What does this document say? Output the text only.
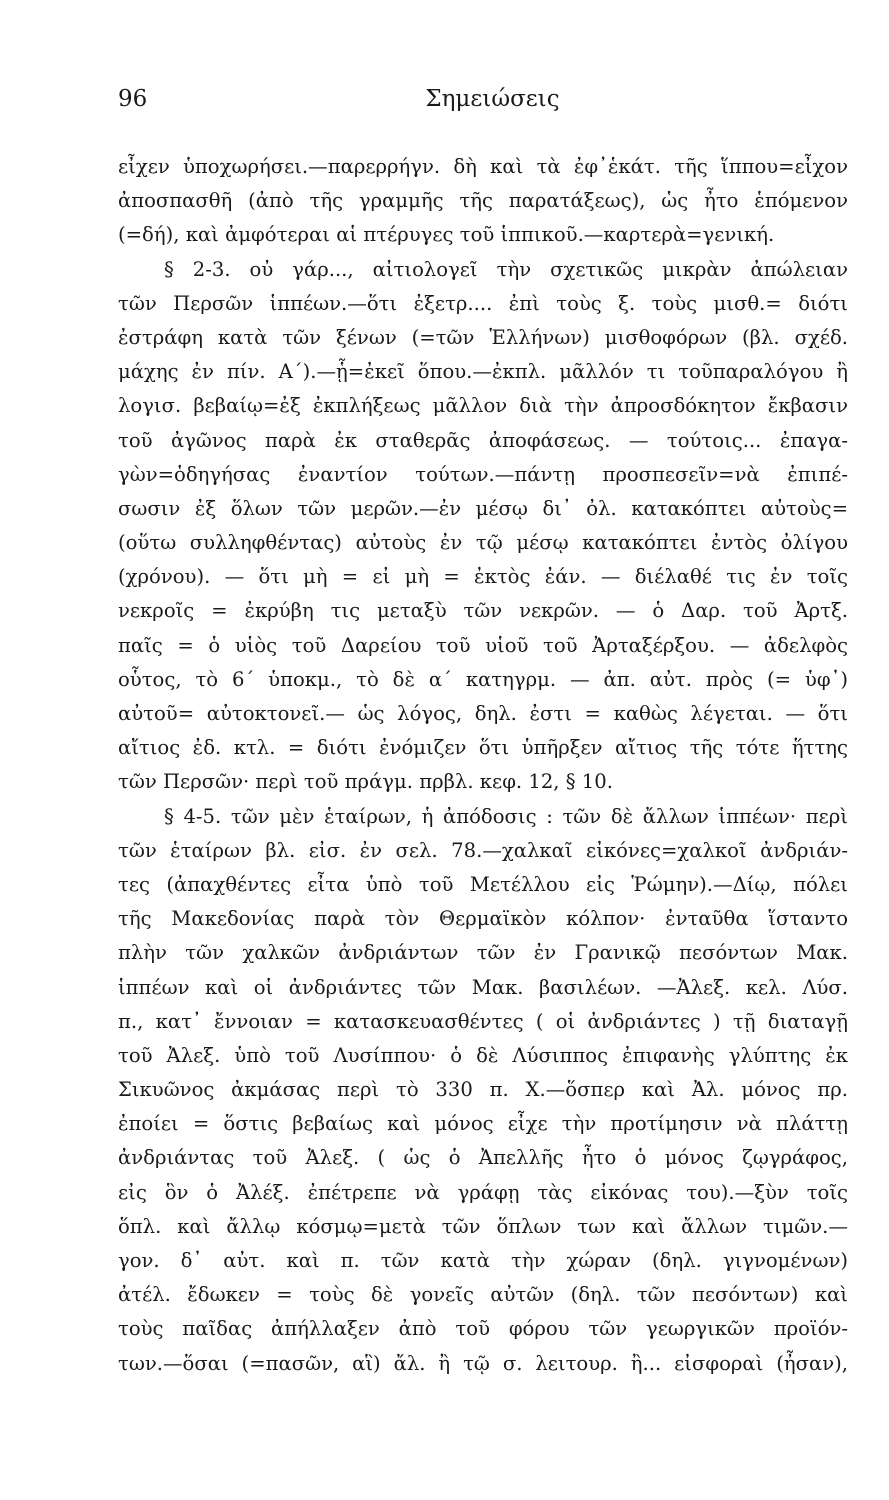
96	Σημειώσεις
εἶχεν ὑποχωρήσει.—παρερρήγν. δὴ καὶ τὰ ἐφ᾽ἑκάτ. τῆς ἵππου=εἶχον
ἀποσπασθῆ (ἀπὸ τῆς γραμμῆς τῆς παρατάξεως), ὡς ἦτο ἑπόμενον
(=δή), καὶ ἀμφότεραι αἱ πτέρυγες τοῦ ἱππικοῦ.—καρτερὰ=γενική.
§ 2-3. οὐ γάρ..., αἰτιολογεῖ τὴν σχετικῶς μικρὰν ἀπώλειαν
τῶν Περσῶν ἱππέων.—ὅτι ἐξετρ.... ἐπὶ τοὺς ξ. τοὺς μισθ.= διότι
ἐστράφη κατὰ τῶν ξένων (=τῶν Ἑλλήνων) μισθοφόρων (βλ. σχέδ.
μάχης ἐν πίν. Α΄).—ᾗ=ἐκεῖ ὅπου.—ἐκπλ. μᾶλλόν τι τοῦπαραλόγου ἢ
λογισ. βεβαίῳ=ἐξ ἐκπλήξεως μᾶλλον διὰ τὴν ἀπροσδόκητον ἔκβασιν
τοῦ ἀγῶνος παρὰ ἐκ σταθερᾶς ἀποφάσεως. — τούτοις... ἐπαγα-
γὼν=ὁδηγήσας ἐναντίον τούτων.—πάντῃ προσπεσεῖν=νὰ ἐπιπέ-
σωσιν ἐξ ὅλων τῶν μερῶν.—ἐν μέσῳ δι᾽ ὀλ. κατακόπτει αὐτοὺς=
(οὕτω συλληφθέντας) αὐτοὺς ἐν τῷ μέσῳ κατακόπτει ἐντὸς ὀλίγου
(χρόνου). — ὅτι μὴ = εἰ μὴ = ἐκτὸς ἐάν. — διέλαθέ τις ἐν τοῖς
νεκροῖς = ἐκρύβη τις μεταξὺ τῶν νεκρῶν. — ὁ Δαρ. τοῦ Ἀρτξ.
παῖς = ὁ υἱὸς τοῦ Δαρείου τοῦ υἱοῦ τοῦ Ἀρταξέρξου. — ἀδελφὸς
οὗτος, τὸ 6΄ ὑποκμ., τὸ δὲ α΄ κατηγρμ. — ἀπ. αὐτ. πρὸς (= ὑφ᾽)
αὐτοῦ= αὐτοκτονεῖ.— ὡς λόγος, δηλ. ἐστι = καθὼς λέγεται. — ὅτι
αἴτιος ἐδ. κτλ. = διότι ἐνόμιζεν ὅτι ὑπῆρξεν αἴτιος τῆς τότε ἥττης
τῶν Περσῶν· περὶ τοῦ πράγμ. πρβλ. κεφ. 12, § 10.
§ 4-5. τῶν μὲν ἑταίρων, ἡ ἀπόδοσις : τῶν δὲ ἄλλων ἱππέων· περὶ
τῶν ἑταίρων βλ. εἰσ. ἐν σελ. 78.—χαλκαῖ εἰκόνες=χαλκοῖ ἀνδριάν-
τες (ἀπαχθέντες εἶτα ὑπὸ τοῦ Μετέλλου εἰς Ῥώμην).—Δίῳ, πόλει
τῆς Μακεδονίας παρὰ τὸν Θερμαϊκὸν κόλπον· ἐνταῦθα ἵσταντο
πλὴν τῶν χαλκῶν ἀνδριάντων τῶν ἐν Γρανικῷ πεσόντων Μακ.
ἱππέων καὶ οἱ ἀνδριάντες τῶν Μακ. βασιλέων. —Ἀλεξ. κελ. Λύσ.
π., κατ᾽ ἔννοιαν = κατασκευασθέντες ( οἱ ἀνδριάντες ) τῇ διαταγῇ
τοῦ Ἀλεξ. ὑπὸ τοῦ Λυσίππου· ὁ δὲ Λύσιππος ἐπιφανὴς γλύπτης ἐκ
Σικυῶνος ἀκμάσας περὶ τὸ 330 π. Χ.—ὅσπερ καὶ Ἀλ. μόνος πρ.
ἐποίει = ὅστις βεβαίως καὶ μόνος εἶχε τὴν προτίμησιν νὰ πλάττῃ
ἀνδριάντας τοῦ Ἀλεξ. ( ὡς ὁ Ἀπελλῆς ἦτο ὁ μόνος ζῳγράφος,
εἰς ὃν ὁ Ἀλέξ. ἐπέτρεπε νὰ γράφῃ τὰς εἰκόνας του).—ξὺν τοῖς
ὅπλ. καὶ ἄλλῳ κόσμῳ=μετὰ τῶν ὅπλων των καὶ ἄλλων τιμῶν.—
γον. δ᾽ αὐτ. καὶ π. τῶν κατὰ τὴν χώραν (δηλ. γιγνομένων)
ἀτέλ. ἔδωκεν = τοὺς δὲ γονεῖς αὐτῶν (δηλ. τῶν πεσόντων) καὶ
τοὺς παῖδας ἀπήλλαξεν ἀπὸ τοῦ φόρου τῶν γεωργικῶν προϊόν-
των.—ὅσαι (=πασῶν, αἳ) ἄλ. ἢ τῷ σ. λειτουρ. ἢ... εἰσφοραὶ (ἦσαν),
